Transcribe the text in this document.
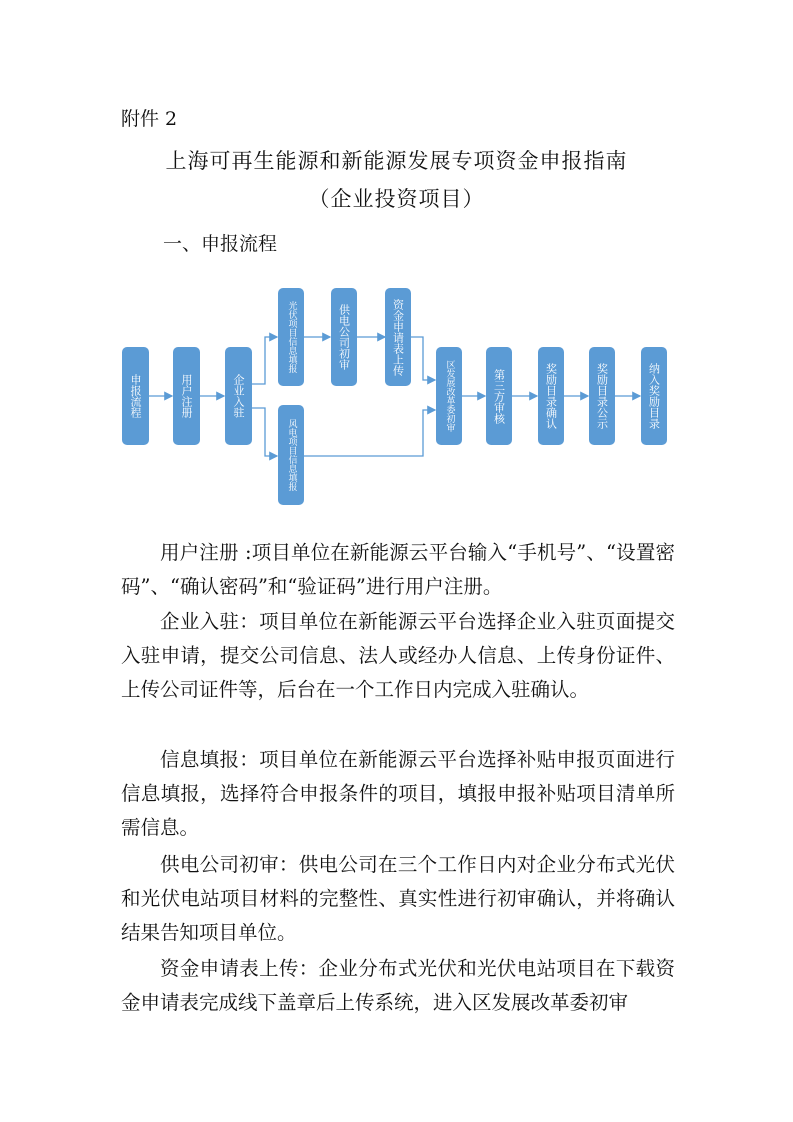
附件 2
上海可再生能源和新能源发展专项资金申报指南
（企业投资项目）
一、申报流程
申报流程	用户注册	企业入驻
光伏项目信息填报
风电项目信息填报
供电公司初审	资金申请表上传
区发展改革委初审	第三方审核	奖励目录确认	奖励目录公示	纳入奖励目录
用户注册 :项目单位在新能源云平台输入“手机号”、“设置密码”、“确认密码”和“验证码”进行用户注册。
企业入驻：项目单位在新能源云平台选择企业入驻页面提交入驻申请，提交公司信息、法人或经办人信息、上传身份证件、上传公司证件等，后台在一个工作日内完成入驻确认。
信息填报：项目单位在新能源云平台选择补贴申报页面进行信息填报，选择符合申报条件的项目，填报申报补贴项目清单所需信息。
供电公司初审：供电公司在三个工作日内对企业分布式光伏和光伏电站项目材料的完整性、真实性进行初审确认，并将确认结果告知项目单位。
资金申请表上传：企业分布式光伏和光伏电站项目在下载资金申请表完成线下盖章后上传系统，进入区发展改革委初审
